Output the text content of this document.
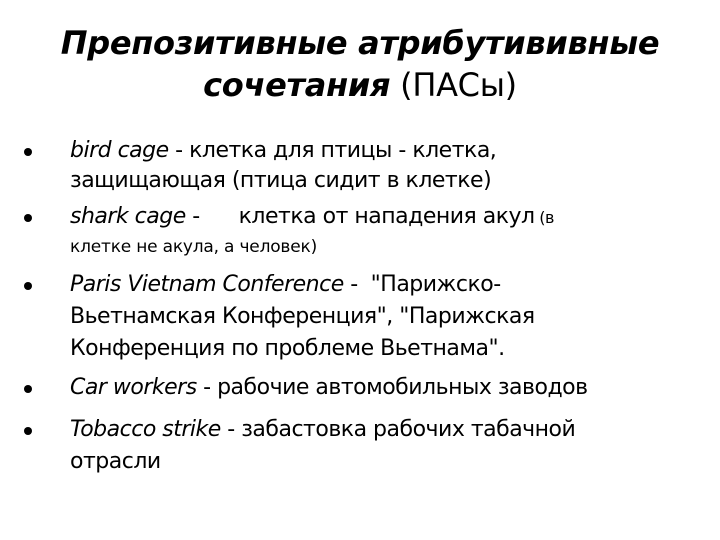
Препозитивные атрибутививные
сочетания (ПАСы)
bird cage - клетка для птицы - клетка,
защищающая (птица сидит в клетке)
shark cage -      клетка от нападения акул (в
клетке не акула, а человек)
Paris Vietnam Conference -  "Парижско-
Вьетнамская Конференция", "Парижская
Конференция по проблеме Вьетнама".
Car workers - рабочие автомобильных заводов
Tobacco strike - забастовка рабочих табачной
отрасли
